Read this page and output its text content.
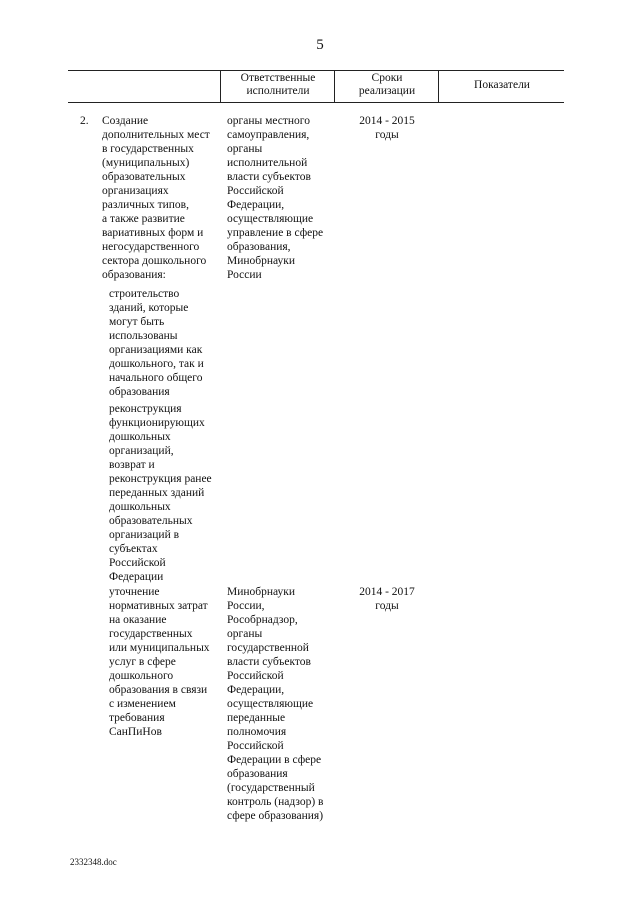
5
Ответственные
исполнители
Сроки
реализации	Показатели
2. Создание
дополнительных мест
в государственных
(муниципальных)
образовательных
организациях
различных типов,
а также развитие
вариативных форм и
негосударственного
сектора дошкольного
образования:
органы местного
самоуправления,
органы
исполнительной
власти субъектов
Российской
Федерации,
осуществляющие
управление в сфере
образования,
Минобрнауки
России
2014 - 2015
годы
строительство
зданий, которые
могут быть
использованы
организациями как
дошкольного, так и
начального общего
образования
реконструкция
функционирующих
дошкольных
организаций,
возврат и
реконструкция ранее
переданных зданий
дошкольных
образовательных
организаций в
субъектах
Российской
Федерации
уточнение
нормативных затрат
на оказание
государственных
или муниципальных
услуг в сфере
дошкольного
образования в связи
с изменением
требования
СанПиНов
Минобрнауки
России,
Рособрнадзор,
органы
государственной
власти субъектов
Российской
Федерации,
осуществляющие
переданные
полномочия
Российской
Федерации в сфере
образования
(государственный
контроль (надзор) в
сфере образования)
2014 - 2017
годы
2332348.doc
